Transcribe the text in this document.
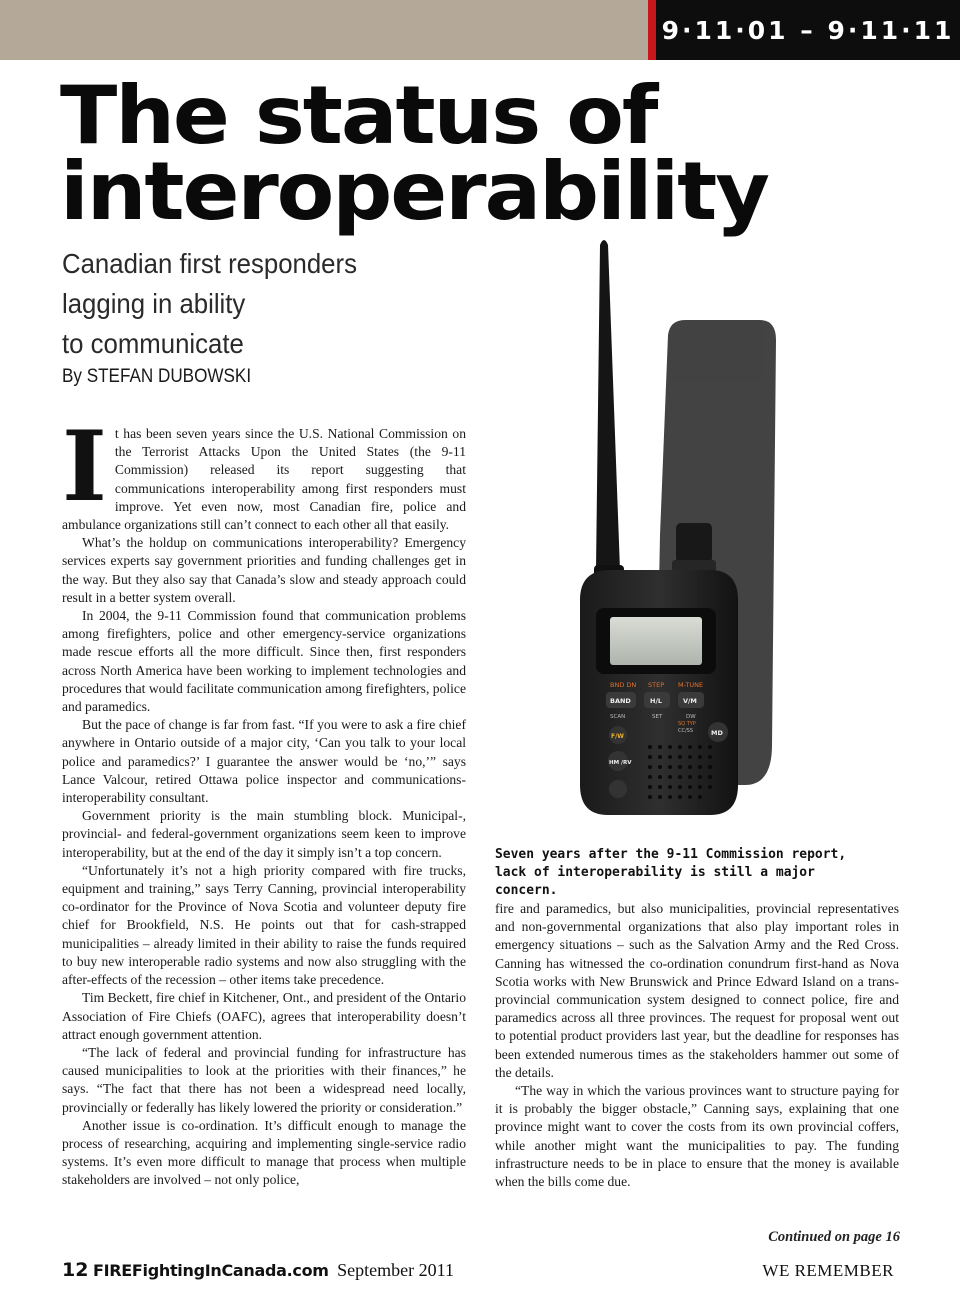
9·11·01 – 9·11·11
The status of
interoperability
Canadian first responders
lagging in ability
to communicate
By STEFAN DUBOWSKI
BND DN STEP M-TUNE
BAND	H/L	V/M
SCAN	SET	DW
F/W
HM /RV
SQ TYP
CC/SS	MD

It has been seven years since the U.S. National Commission on the Terrorist Attacks Upon the United States (the 9-11 Commission) released its report suggesting that communications interoperability among first responders must improve. Yet even now, most Canadian fire, police and ambulance organizations still can’t connect to each other all that easily.

What’s the holdup on communications interoperability? Emergency services experts say government priorities and funding challenges get in the way. But they also say that Canada’s slow and steady approach could result in a better system overall.

In 2004, the 9-11 Commission found that communication problems among firefighters, police and other emergency-service organizations made rescue efforts all the more difficult. Since then, first responders across North America have been working to implement technologies and procedures that would facilitate communication among firefighters, police and paramedics.

But the pace of change is far from fast. “If you were to ask a fire chief anywhere in Ontario outside of a major city, ‘Can you talk to your local police and paramedics?’ I guarantee the answer would be ‘no,’” says Lance Valcour, retired Ottawa police inspector and communications-interoperability consultant.

Government priority is the main stumbling block. Municipal-, provincial- and federal-government organizations seem keen to improve interoperability, but at the end of the day it simply isn’t a top concern.

“Unfortunately it’s not a high priority compared with fire trucks, equipment and training,” says Terry Canning, provincial interoperability co-ordinator for the Province of Nova Scotia and volunteer deputy fire chief for Brookfield, N.S. He points out that for cash-strapped municipalities – already limited in their ability to raise the funds required to buy new interoperable radio systems and now also struggling with the after-effects of the recession – other items take precedence.

Tim Beckett, fire chief in Kitchener, Ont., and president of the Ontario Association of Fire Chiefs (OAFC), agrees that interoperability doesn’t attract enough government attention.

“The lack of federal and provincial funding for infrastructure has caused municipalities to look at the priorities with their finances,” he says. “The fact that there has not been a widespread need locally, provincially or federally has likely lowered the priority or consideration.”

Another issue is co-ordination. It’s difficult enough to manage the process of researching, acquiring and implementing single-service radio systems. It’s even more difficult to manage that process when multiple stakeholders are involved – not only police,

Seven years after the 9-11 Commission report, lack of interoperability is still a major concern.

fire and paramedics, but also municipalities, provincial representatives and non-governmental organizations that also play important roles in emergency situations – such as the Salvation Army and the Red Cross. Canning has witnessed the co-ordination conundrum first-hand as Nova Scotia works with New Brunswick and Prince Edward Island on a trans-provincial communication system designed to connect police, fire and paramedics across all three provinces. The request for proposal went out to potential product providers last year, but the deadline for responses has been extended numerous times as the stakeholders hammer out some of the details.

“The way in which the various provinces want to structure paying for it is probably the bigger obstacle,” Canning says, explaining that one province might want to cover the costs from its own provincial coffers, while another might want the municipalities to pay. The funding infrastructure needs to be in place to ensure that the money is available when the bills come due.

Continued on page 16
12 FIREFightingInCanada.com September 2011	WE REMEMBER
